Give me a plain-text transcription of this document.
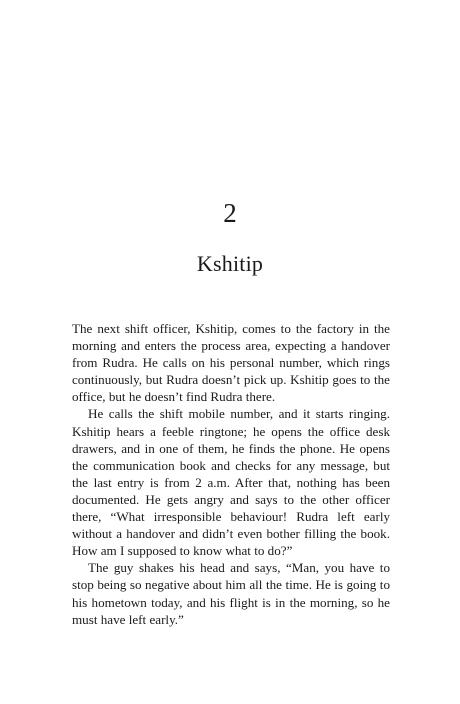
2
Kshitip

The next shift officer, Kshitip, comes to the factory in the morning and enters the process area, expecting a handover from Rudra. He calls on his personal number, which rings continuously, but Rudra doesn’t pick up. Kshitip goes to the office, but he doesn’t find Rudra there.

He calls the shift mobile number, and it starts ringing. Kshitip hears a feeble ringtone; he opens the office desk drawers, and in one of them, he finds the phone. He opens the communication book and checks for any message, but the last entry is from 2 a.m. After that, nothing has been documented. He gets angry and says to the other officer there, “What irresponsible behaviour! Rudra left early without a handover and didn’t even bother filling the book. How am I supposed to know what to do?”

The guy shakes his head and says, “Man, you have to stop being so negative about him all the time. He is going to his hometown today, and his flight is in the morning, so he must have left early.”
